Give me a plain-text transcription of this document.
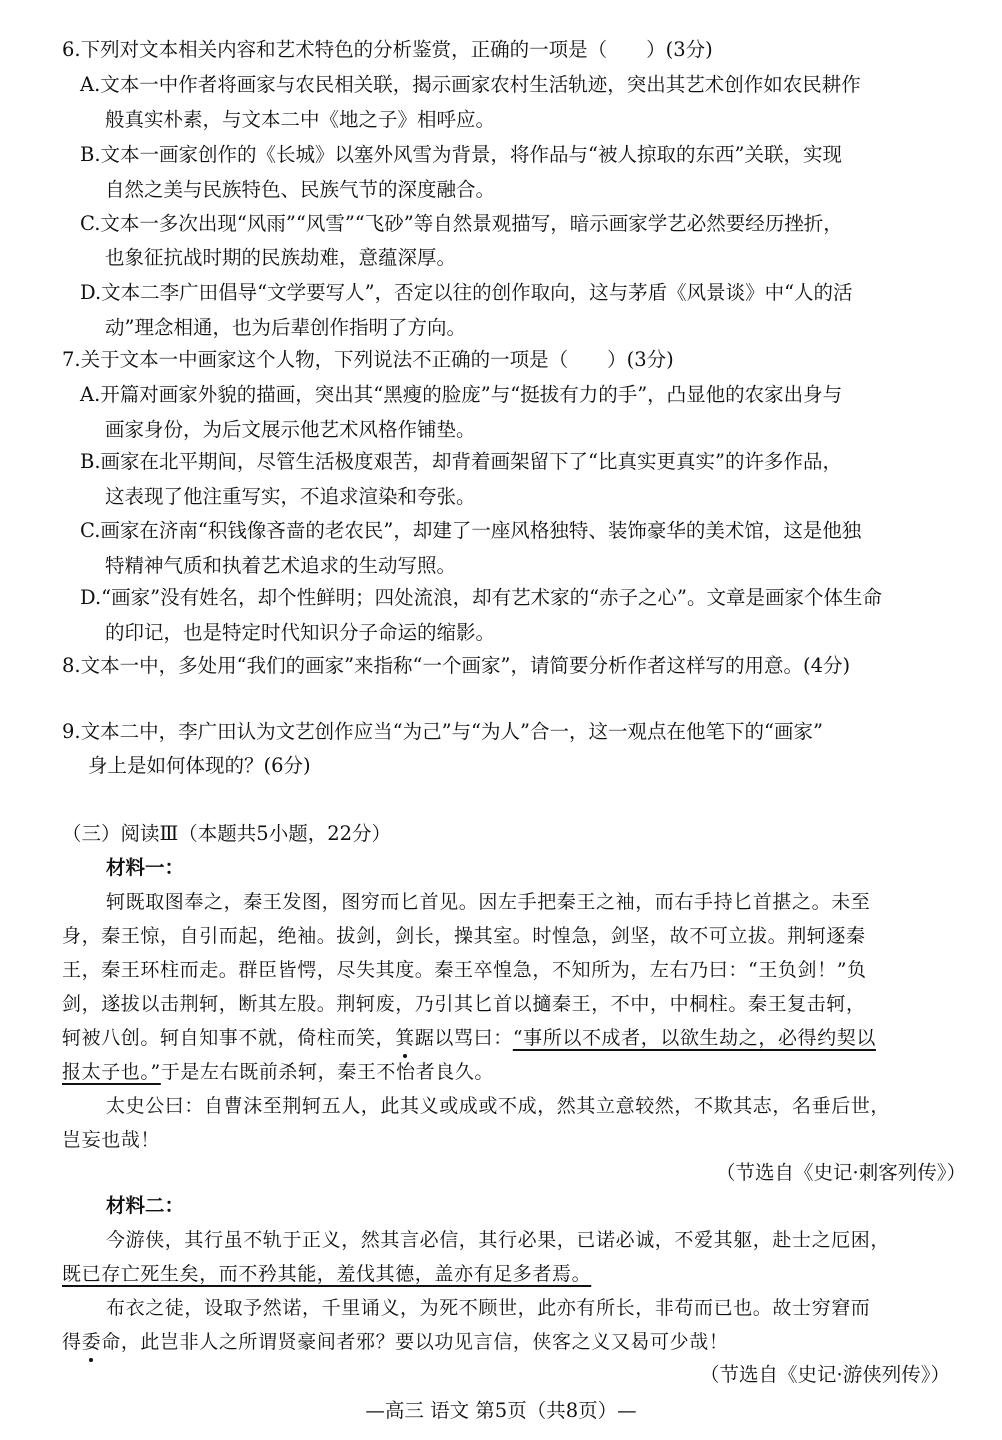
6.下列对文本相关内容和艺术特色的分析鉴赏，正确的一项是（　　）(3分)
A.文本一中作者将画家与农民相关联，揭示画家农村生活轨迹，突出其艺术创作如农民耕作
般真实朴素，与文本二中《地之子》相呼应。
B.文本一画家创作的《长城》以塞外风雪为背景，将作品与“被人掠取的东西”关联，实现
自然之美与民族特色、民族气节的深度融合。
C.文本一多次出现“风雨”“风雪”“飞砂”等自然景观描写，暗示画家学艺必然要经历挫折，
也象征抗战时期的民族劫难，意蕴深厚。
D.文本二李广田倡导“文学要写人”，否定以往的创作取向，这与茅盾《风景谈》中“人的活
动”理念相通，也为后辈创作指明了方向。
7.关于文本一中画家这个人物，下列说法不正确的一项是（　　）(3分)
A.开篇对画家外貌的描画，突出其“黑瘦的脸庞”与“挺拔有力的手”，凸显他的农家出身与
画家身份，为后文展示他艺术风格作铺垫。
B.画家在北平期间，尽管生活极度艰苦，却背着画架留下了“比真实更真实”的许多作品，
这表现了他注重写实，不追求渲染和夸张。
C.画家在济南“积钱像吝啬的老农民”，却建了一座风格独特、装饰豪华的美术馆，这是他独
特精神气质和执着艺术追求的生动写照。
D.“画家”没有姓名，却个性鲜明；四处流浪，却有艺术家的“赤子之心”。文章是画家个体生命
的印记，也是特定时代知识分子命运的缩影。
8.文本一中，多处用“我们的画家”来指称“一个画家”，请简要分析作者这样写的用意。(4分)
9.文本二中，李广田认为文艺创作应当“为己”与“为人”合一，这一观点在他笔下的“画家”
身上是如何体现的？(6分)
（三）阅读Ⅲ（本题共5小题，22分）
材料一：
轲既取图奉之，秦王发图，图穷而匕首见。因左手把秦王之袖，而右手持匕首揕之。未至
身，秦王惊，自引而起，绝袖。拔剑，剑长，操其室。时惶急，剑坚，故不可立拔。荆轲逐秦
王，秦王环柱而走。群臣皆愕，尽失其度。秦王卒惶急，不知所为，左右乃曰：“王负剑！”负
剑，遂拔以击荆轲，断其左股。荆轲废，乃引其匕首以擿秦王，不中，中桐柱。秦王复击轲，
轲被八创。轲自知事不就，倚柱而笑，箕踞以骂曰：“事所以不成者，以欲生劫之，必得约契以
报太子也。”于是左右既前杀轲，秦王不怡者良久。
太史公曰：自曹沫至荆轲五人，此其义或成或不成，然其立意较然，不欺其志，名垂后世，
岂妄也哉！
（节选自《史记·刺客列传》）
材料二：
今游侠，其行虽不轨于正义，然其言必信，其行必果，已诺必诚，不爱其躯，赴士之厄困，
既已存亡死生矣，而不矜其能，羞伐其德，盖亦有足多者焉。
布衣之徒，设取予然诺，千里诵义，为死不顾世，此亦有所长，非苟而已也。故士穷窘而
得委命，此岂非人之所谓贤豪间者邪？要以功见言信，侠客之义又曷可少哉！
（节选自《史记·游侠列传》）
—高三 语文 第5页（共8页）—
